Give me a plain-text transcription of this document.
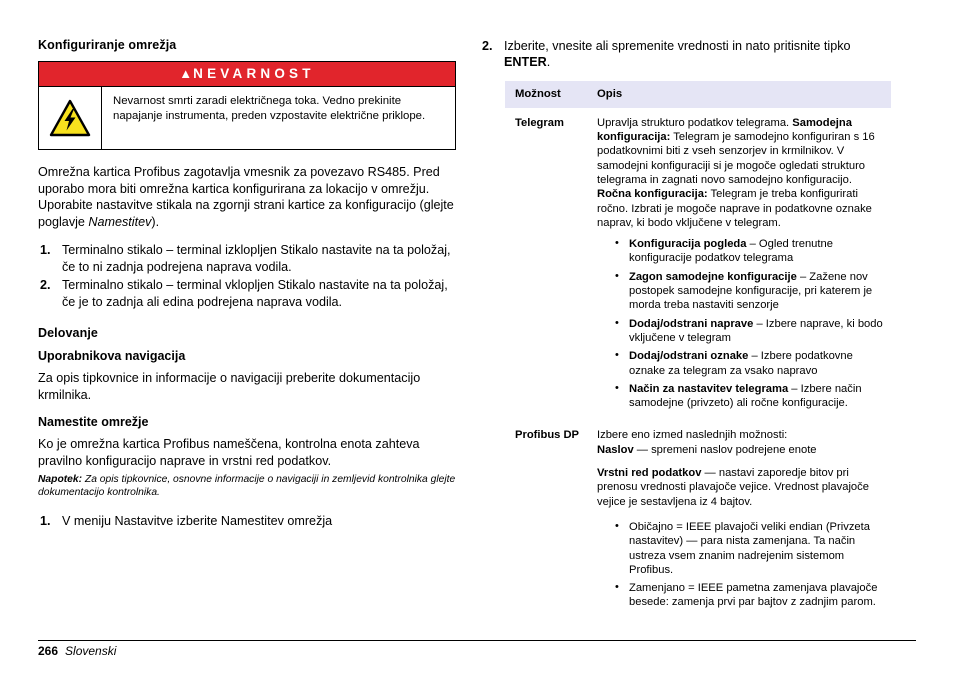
Konfiguriranje omrežja
▲NEVARNOST
Nevarnost smrti zaradi električnega toka. Vedno prekinite napajanje instrumenta, preden vzpostavite električne priklope.

Omrežna kartica Profibus zagotavlja vmesnik za povezavo RS485. Pred uporabo mora biti omrežna kartica konfigurirana za lokacijo v omrežju. Uporabite nastavitve stikala na zgornji strani kartice za konfiguracijo (glejte poglavje Namestitev).

1. Terminalno stikalo – terminal izklopljen Stikalo nastavite na ta položaj, če to ni zadnja podrejena naprava vodila.
2. Terminalno stikalo – terminal vklopljen Stikalo nastavite na ta položaj, če je to zadnja ali edina podrejena naprava vodila.
Delovanje
Uporabnikova navigacija

Za opis tipkovnice in informacije o navigaciji preberite dokumentacijo krmilnika.

Namestite omrežje

Ko je omrežna kartica Profibus nameščena, kontrolna enota zahteva pravilno konfiguracijo naprave in vrstni red podatkov.

Napotek: Za opis tipkovnice, osnovne informacije o navigaciji in zemljevid kontrolnika glejte dokumentacijo kontrolnika.

1. V meniju Nastavitve izberite Namestitev omrežja
2. Izberite, vnesite ali spremenite vrednosti in nato pritisnite tipko ENTER.
Možnost	Opis
Telegram	Upravlja strukturo podatkov telegrama. Samodejna konfiguracija: Telegram je samodejno konfiguriran s 16 podatkovnimi biti z vseh senzorjev in krmilnikov. V samodejni konfiguraciji si je mogoče ogledati strukturo telegrama in zagnati novo samodejno konfiguracijo. Ročna konfiguracija: Telegram je treba konfigurirati ročno. Izbrati je mogoče naprave in podatkovne oznake naprav, ki bodo vključene v telegram.

• Konfiguracija pogleda – Ogled trenutne konfiguracije podatkov telegrama
• Zagon samodejne konfiguracije – Zažene nov postopek samodejne konfiguracije, pri katerem je morda treba nastaviti senzorje
• Dodaj/odstrani naprave – Izbere naprave, ki bodo vključene v telegram
• Dodaj/odstrani oznake – Izbere podatkovne oznake za telegram za vsako napravo
• Način za nastavitev telegrama – Izbere način samodejne (privzeto) ali ročne konfiguracije.

Profibus DP	Izbere eno izmed naslednjih možnosti:

Naslov — spremeni naslov podrejene enote

Vrstni red podatkov — nastavi zaporedje bitov pri prenosu vrednosti plavajoče vejice. Vrednost plavajoče vejice je sestavljena iz 4 bajtov.

• Običajno = IEEE plavajoči veliki endian (Privzeta nastavitev) — para nista zamenjana. Ta način ustreza vsem znanim nadrejenim sistemom Profibus.
• Zamenjano = IEEE pametna zamenjava plavajoče besede: zamenja prvi par bajtov z zadnjim parom.
266 Slovenski
